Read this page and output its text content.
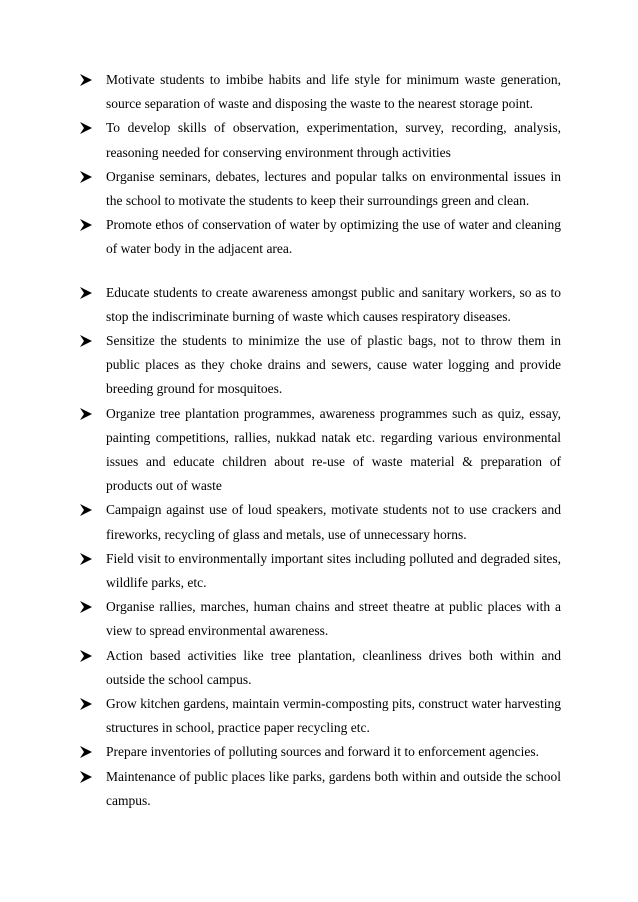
Motivate students to imbibe habits and life style for minimum waste generation, source separation of waste and disposing the waste to the nearest storage point.
To develop skills of observation, experimentation, survey, recording, analysis, reasoning needed for conserving environment through activities
Organise seminars, debates, lectures and popular talks on environmental issues in the school to motivate the students to keep their surroundings green and clean.
Promote ethos of conservation of water by optimizing the use of water and cleaning of water body in the adjacent area.
Educate students to create awareness amongst public and sanitary workers, so as to stop the indiscriminate burning of waste which causes respiratory diseases.
Sensitize the students to minimize the use of plastic bags, not to throw them in public places as they choke drains and sewers, cause water logging and provide breeding ground for mosquitoes.
Organize tree plantation programmes, awareness programmes such as quiz, essay, painting competitions, rallies, nukkad natak etc. regarding various environmental issues and educate children about re-use of waste material & preparation of products out of waste
Campaign against use of loud speakers, motivate students not to use crackers and fireworks, recycling of glass and metals, use of unnecessary horns.
Field visit to environmentally important sites including polluted and degraded sites, wildlife parks, etc.
Organise rallies, marches, human chains and street theatre at public places with a view to spread environmental awareness.
Action based activities like tree plantation, cleanliness drives both within and outside the school campus.
Grow kitchen gardens, maintain vermin-composting pits, construct water harvesting structures in school, practice paper recycling etc.
Prepare inventories of polluting sources and forward it to enforcement agencies.
Maintenance of public places like parks, gardens both within and outside the school campus.
